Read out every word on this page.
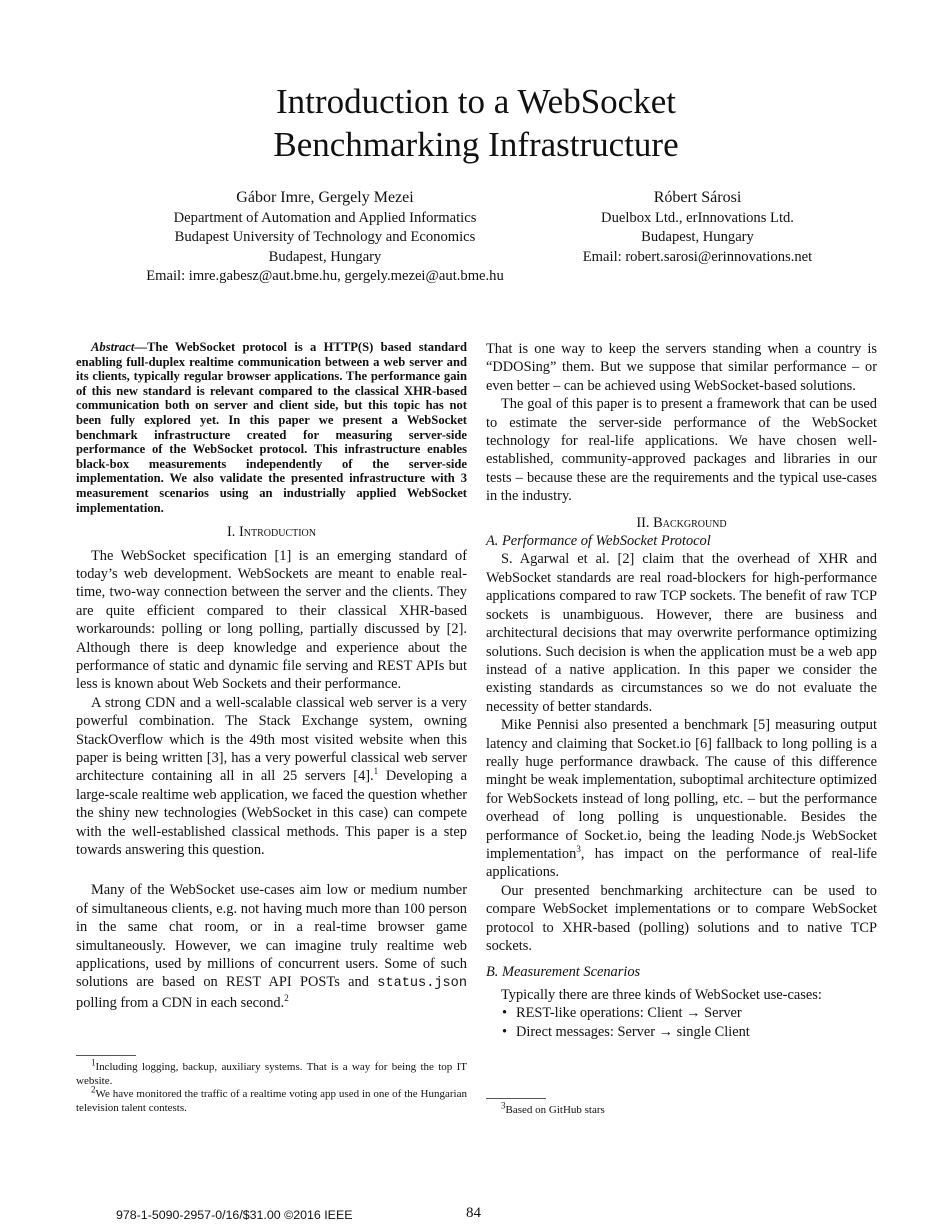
Introduction to a WebSocket
Benchmarking Infrastructure
Gábor Imre, Gergely Mezei
Department of Automation and Applied Informatics
Budapest University of Technology and Economics
Budapest, Hungary
Email: imre.gabesz@aut.bme.hu, gergely.mezei@aut.bme.hu
Róbert Sárosi
Duelbox Ltd., erInnovations Ltd.
Budapest, Hungary
Email: robert.sarosi@erinnovations.net

Abstract—The WebSocket protocol is a HTTP(S) based standard enabling full-duplex realtime communication between a web server and its clients, typically regular browser applications. The performance gain of this new standard is relevant compared to the classical XHR-based communication both on server and client side, but this topic has not been fully explored yet. In this paper we present a WebSocket benchmark infrastructure created for measuring server-side performance of the WebSocket protocol. This infrastructure enables black-box measurements independently of the server-side implementation. We also validate the presented infrastructure with 3 measurement scenarios using an industrially applied WebSocket implementation.

I. Introduction

The WebSocket specification [1] is an emerging standard of today’s web development. WebSockets are meant to enable real-time, two-way connection between the server and the clients. They are quite efficient compared to their classical XHR-based workarounds: polling or long polling, partially discussed by [2]. Although there is deep knowledge and experience about the performance of static and dynamic file serving and REST APIs but less is known about Web Sockets and their performance.

A strong CDN and a well-scalable classical web server is a very powerful combination. The Stack Exchange system, owning StackOverflow which is the 49th most visited website when this paper is being written [3], has a very powerful classical web server architecture containing all in all 25 servers [4].$^1$ Developing a large-scale realtime web application, we faced the question whether the shiny new technologies (WebSocket in this case) can compete with the well-established classical methods. This paper is a step towards answering this question.

Many of the WebSocket use-cases aim low or medium number of simultaneous clients, e.g. not having much more than 100 person in the same chat room, or in a real-time browser game simultaneously. However, we can imagine truly realtime web applications, used by millions of concurrent users. Some of such solutions are based on REST API POSTs and status.json polling from a CDN in each second.$^2$

$^1$Including logging, backup, auxiliary systems. That is a way for being the top IT website.
$^2$We have monitored the traffic of a realtime voting app used in one of the Hungarian television talent contests.

That is one way to keep the servers standing when a country is “DDOSing” them. But we suppose that similar performance – or even better – can be achieved using WebSocket-based solutions.

The goal of this paper is to present a framework that can be used to estimate the server-side performance of the WebSocket technology for real-life applications. We have chosen well-established, community-approved packages and libraries in our tests – because these are the requirements and the typical use-cases in the industry.

II. Background

A. Performance of WebSocket Protocol

S. Agarwal et al. [2] claim that the overhead of XHR and WebSocket standards are real road-blockers for high-performance applications compared to raw TCP sockets. The benefit of raw TCP sockets is unambiguous. However, there are business and architectural decisions that may overwrite performance optimizing solutions. Such decision is when the application must be a web app instead of a native application. In this paper we consider the existing standards as circumstances so we do not evaluate the necessity of better standards.

Mike Pennisi also presented a benchmark [5] measuring output latency and claiming that Socket.io [6] fallback to long polling is a really huge performance drawback. The cause of this difference minght be weak implementation, suboptimal architecture optimized for WebSockets instead of long polling, etc. – but the performance overhead of long polling is unquestionable. Besides the performance of Socket.io, being the leading Node.js WebSocket implementation$^3$, has impact on the performance of real-life applications.

Our presented benchmarking architecture can be used to compare WebSocket implementations or to compare WebSocket protocol to XHR-based (polling) solutions and to native TCP sockets.

B. Measurement Scenarios

Typically there are three kinds of WebSocket use-cases:

• REST-like operations: Client → Server
• Direct messages: Server → single Client
$^3$Based on GitHub stars
978-1-5090-2957-0/16/$31.00 ©2016 IEEE	84
